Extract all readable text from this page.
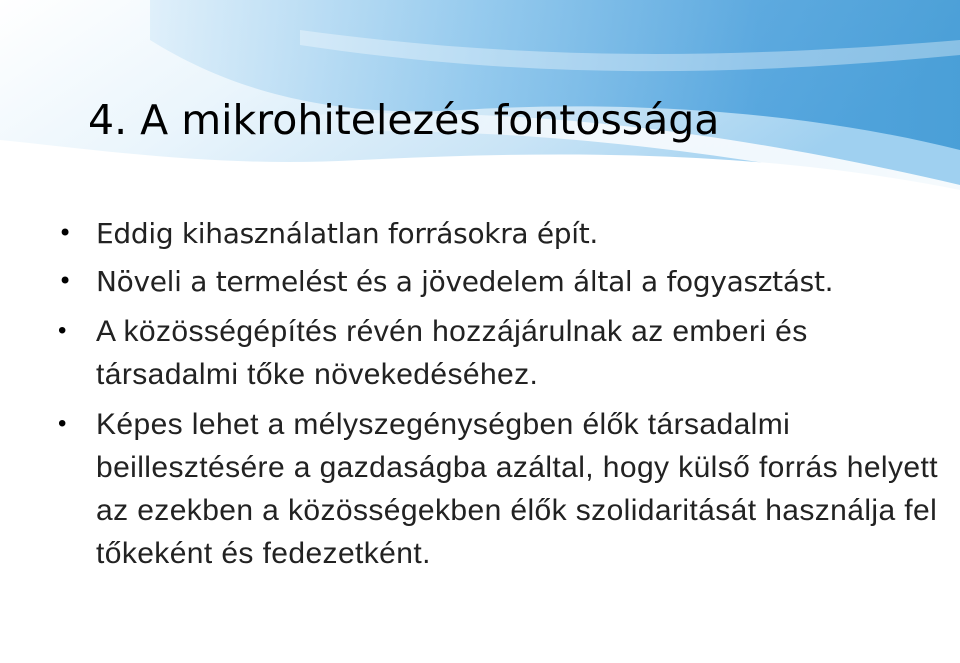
4. A mikrohitelezés fontossága
• Eddig kihasználatlan forrásokra épít.
• Növeli a termelést és a jövedelem által a fogyasztást.
• A közösségépítés révén hozzájárulnak az emberi és társadalmi tőke növekedéséhez.
• Képes lehet a mélyszegénységben élők társadalmi beillesztésére a gazdaságba azáltal, hogy külső forrás helyett az ezekben a közösségekben élők szolidaritását használja fel tőkeként és fedezetként.
